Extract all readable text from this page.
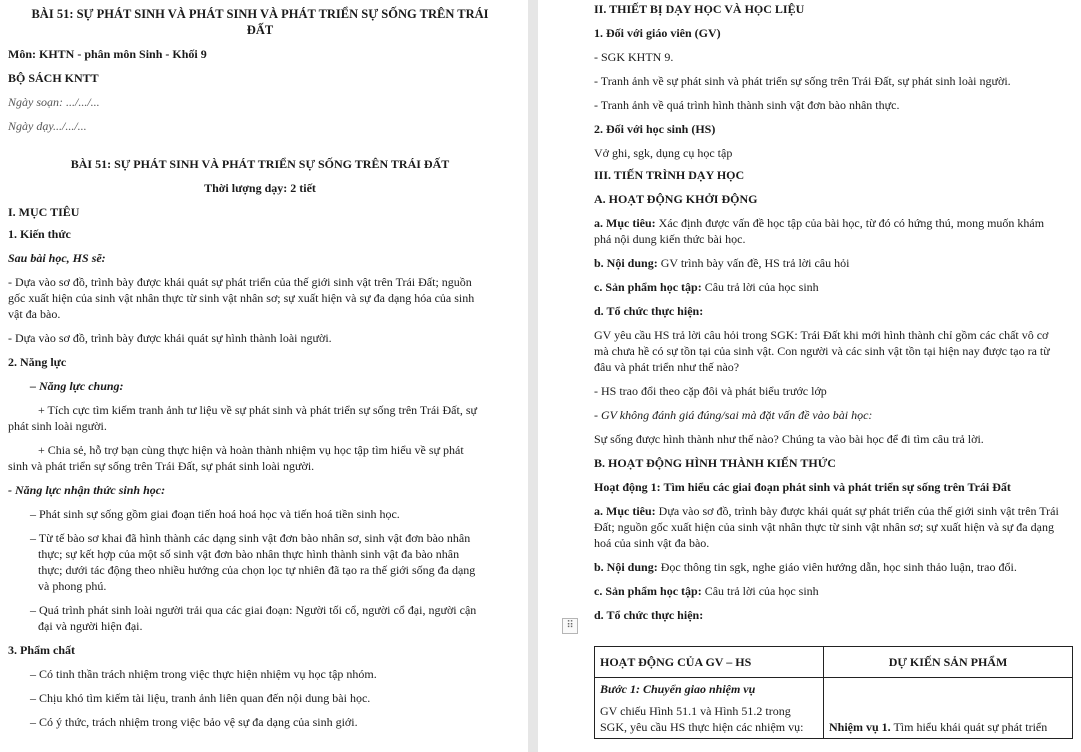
BÀI 51: SỰ PHÁT SINH VÀ PHÁT SINH VÀ PHÁT TRIỂN SỰ SỐNG TRÊN TRÁI

ĐẤT

Môn: KHTN - phân môn Sinh - Khối 9

BỘ SÁCH KNTT

Ngày soạn: .../.../...

Ngày dạy.../.../...

BÀI 51: SỰ PHÁT SINH VÀ PHÁT TRIỂN SỰ SỐNG TRÊN TRÁI ĐẤT

Thời lượng dạy: 2 tiết

I. MỤC TIÊU

1. Kiến thức

Sau bài học, HS sẽ:

- Dựa vào sơ đồ, trình bày được khái quát sự phát triển của thế giới sinh vật trên Trái Đất; nguồn

gốc xuất hiện của sinh vật nhân thực từ sinh vật nhân sơ; sự xuất hiện và sự đa dạng hóa của sinh

vật đa bào.

- Dựa vào sơ đồ, trình bày được khái quát sự hình thành loài người.

2. Năng lực

– Năng lực chung:

+ Tích cực tìm kiếm tranh ảnh tư liệu về sự phát sinh và phát triển sự sống trên Trái Đất, sự

phát sinh loài người.

+ Chia sẻ, hỗ trợ bạn cùng thực hiện và hoàn thành nhiệm vụ học tập tìm hiểu về sự phát

sinh và phát triển sự sống trên Trái Đất, sự phát sinh loài người.

- Năng lực nhận thức sinh học:

– Phát sinh sự sống gồm giai đoạn tiến hoá hoá học và tiến hoá tiền sinh học.

– Từ tế bào sơ khai đã hình thành các dạng sinh vật đơn bào nhân sơ, sinh vật đơn bào nhân

thực; sự kết hợp của một số sinh vật đơn bào nhân thực hình thành sinh vật đa bào nhân

thực; dưới tác động theo nhiều hướng của chọn lọc tự nhiên đã tạo ra thế giới sống đa dạng

và phong phú.

– Quá trình phát sinh loài người trải qua các giai đoạn: Người tối cổ, người cổ đại, người cận

đại và người hiện đại.

3. Phẩm chất

– Có tinh thần trách nhiệm trong việc thực hiện nhiệm vụ học tập nhóm.

– Chịu khó tìm kiếm tài liệu, tranh ảnh liên quan đến nội dung bài học.

– Có ý thức, trách nhiệm trong việc bảo vệ sự đa dạng của sinh giới.

II. THIẾT BỊ DẠY HỌC VÀ HỌC LIỆU

1. Đối với giáo viên (GV)

- SGK KHTN 9.

- Tranh ảnh về sự phát sinh và phát triển sự sống trên Trái Đất, sự phát sinh loài người.

- Tranh ảnh về quá trình hình thành sinh vật đơn bào nhân thực.

2. Đối với học sinh (HS)

Vở ghi, sgk, dụng cụ học tập

III. TIẾN TRÌNH DẠY HỌC

A. HOẠT ĐỘNG KHỞI ĐỘNG

a. Mục tiêu: Xác định được vấn đề học tập của bài học, từ đó có hứng thú, mong muốn khám

phá nội dung kiến thức bài học.

b. Nội dung: GV trình bày vấn đề, HS trả lời câu hỏi

c. Sản phẩm học tập: Câu trả lời của học sinh

d. Tổ chức thực hiện:

GV yêu cầu HS trả lời câu hỏi trong SGK: Trái Đất khi mới hình thành chỉ gồm các chất vô cơ

mà chưa hề có sự tồn tại của sinh vật. Con người và các sinh vật tồn tại hiện nay được tạo ra từ

đâu và phát triển như thế nào?

- HS trao đổi theo cặp đôi và phát biểu trước lớp

- GV không đánh giá đúng/sai mà đặt vấn đề vào bài học:

Sự sống được hình thành như thế nào? Chúng ta vào bài học để đi tìm câu trả lời.

B. HOẠT ĐỘNG HÌNH THÀNH KIẾN THỨC

Hoạt động 1: Tìm hiểu các giai đoạn phát sinh và phát triển sự sống trên Trái Đất

a. Mục tiêu: Dựa vào sơ đồ, trình bày được khái quát sự phát triển của thế giới sinh vật trên Trái

Đất; nguồn gốc xuất hiện của sinh vật nhân thực từ sinh vật nhân sơ; sự xuất hiện và sự đa dạng

hoá của sinh vật đa bào.

b. Nội dung: Đọc thông tin sgk, nghe giáo viên hướng dẫn, học sinh thảo luận, trao đổi.

c. Sản phẩm học tập: Câu trả lời của học sinh

d. Tổ chức thực hiện:

⠿
HOẠT ĐỘNG CỦA GV – HS	DỰ KIẾN SẢN PHẨM

Bước 1: Chuyển giao nhiệm vụ
GV chiếu Hình 51.1 và Hình 51.2 trong
SGK, yêu cầu HS thực hiện các nhiệm vụ:	Nhiệm vụ 1. Tìm hiểu khái quát sự phát triển
